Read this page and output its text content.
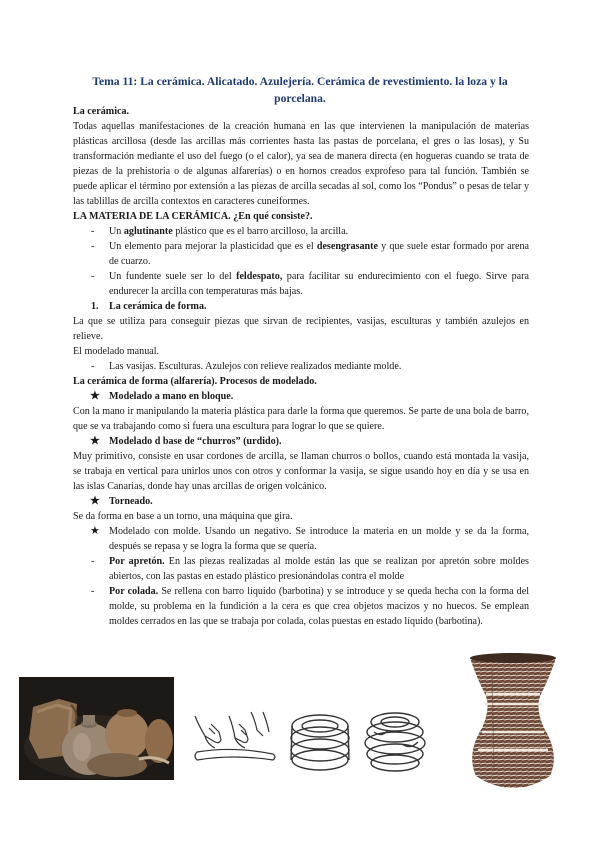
Tema 11: La cerámica. Alicatado. Azulejería. Cerámica de revestimiento. la loza y la porcelana.

La cerámica.

Todas aquellas manifestaciones de la creación humana en las que intervienen la manipulación de materias plásticas arcillosa (desde las arcillas más corrientes hasta las pastas de porcelana, el gres o las losas), y Su transformación mediante el uso del fuego (o el calor), ya sea de manera directa (en hogueras cuando se trata de piezas de la prehistoria o de algunas alfarerías) o en hornos creados exprofeso para tal función. También se puede aplicar el término por extensión a las piezas de arcilla secadas al sol, como los “Pondus” o pesas de telar y las tablillas de arcilla contextos en caracteres cuneiformes.

LA MATERIA DE LA CERÁMICA. ¿En qué consiste?.

- Un aglutinante plástico que es el barro arcilloso, la arcilla.
- Un elemento para mejorar la plasticidad que es el desengrasante y que suele estar formado por arena de cuarzo.
- Un fundente suele ser lo del feldespato, para facilitar su endurecimiento con el fuego. Sirve para endurecer la arcilla con temperaturas más bajas.

1. La cerámica de forma.

La que se utiliza para conseguir piezas que sirvan de recipientes, vasijas, esculturas y también azulejos en relieve.

El modelado manual.

- Las vasijas. Esculturas. Azulejos con relieve realizados mediante molde.

La cerámica de forma (alfarería). Procesos de modelado.

★ Modelado a mano en bloque.

Con la mano ir manipulando la materia plástica para darle la forma que queremos. Se parte de una bola de barro, que se va trabajando como si fuera una escultura para lograr lo que se quiere.

★ Modelado d base de “churros” (urdido).

Muy primitivo, consiste en usar cordones de arcilla, se llaman churros o bollos, cuando está montada la vasija, se trabaja en vertical para unirlos unos con otros y conformar la vasija, se sigue usando hoy en día y se usa en las islas Canarias, donde hay unas arcillas de origen volcánico.

★ Torneado.

Se da forma en base a un torno, una máquina que gira.

★ Modelado con molde. Usando un negativo. Se introduce la materia en un molde y se da la forma, después se repasa y se logra la forma que se quería.
- Por apretón. En las piezas realizadas al molde están las que se realizan por apretón sobre moldes abiertos, con las pastas en estado plástico presionándolas contra el molde
- Por colada. Se rellena con barro líquido (barbotina) y se introduce y se queda hecha con la forma del molde, su problema en la fundición a la cera es que crea objetos macizos y no huecos. Se emplean moldes cerrados en las que se trabaja por colada, colas puestas en estado líquido (barbotina).
